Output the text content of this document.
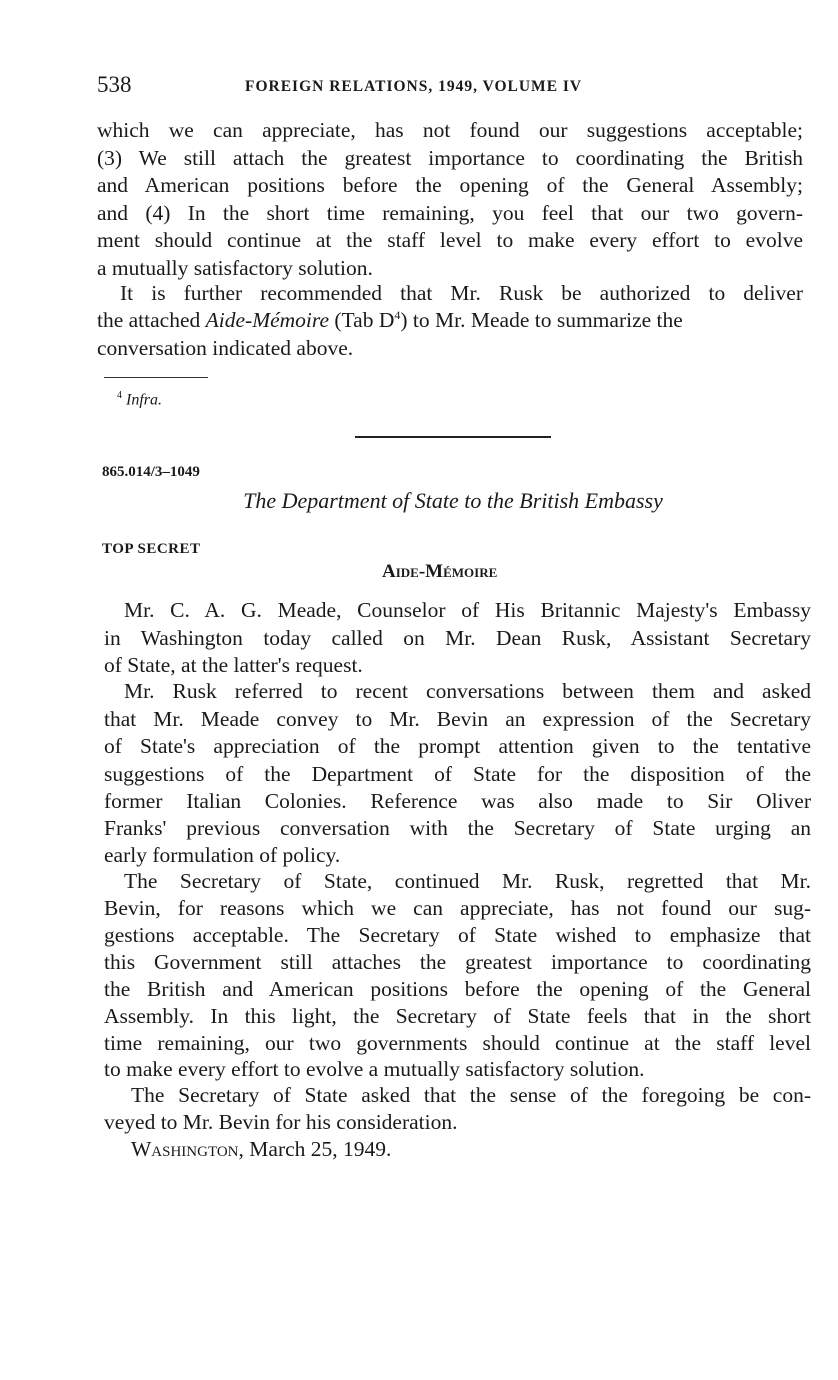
538	FOREIGN RELATIONS, 1949, VOLUME IV
which we can appreciate, has not found our suggestions acceptable;
(3) We still attach the greatest importance to coordinating the British
and American positions before the opening of the General Assembly;
and (4) In the short time remaining, you feel that our two govern-
ment should continue at the staff level to make every effort to evolve
a mutually satisfactory solution.
It is further recommended that Mr. Rusk be authorized to deliver
the attached Aide-Mémoire (Tab D$^4$) to Mr. Meade to summarize the
conversation indicated above.
$^4$ Infra.
865.014/3–1049
The Department of State to the British Embassy
TOP SECRET
Aide-Mémoire
Mr. C. A. G. Meade, Counselor of His Britannic Majesty's Embassy
in Washington today called on Mr. Dean Rusk, Assistant Secretary
of State, at the latter's request.
Mr. Rusk referred to recent conversations between them and asked
that Mr. Meade convey to Mr. Bevin an expression of the Secretary
of State's appreciation of the prompt attention given to the tentative
suggestions of the Department of State for the disposition of the
former Italian Colonies. Reference was also made to Sir Oliver
Franks' previous conversation with the Secretary of State urging an
early formulation of policy.
The Secretary of State, continued Mr. Rusk, regretted that Mr.
Bevin, for reasons which we can appreciate, has not found our sug-
gestions acceptable. The Secretary of State wished to emphasize that
this Government still attaches the greatest importance to coordinating
the British and American positions before the opening of the General
Assembly. In this light, the Secretary of State feels that in the short
time remaining, our two governments should continue at the staff level
to make every effort to evolve a mutually satisfactory solution.
The Secretary of State asked that the sense of the foregoing be con-
veyed to Mr. Bevin for his consideration.
Washington, March 25, 1949.
